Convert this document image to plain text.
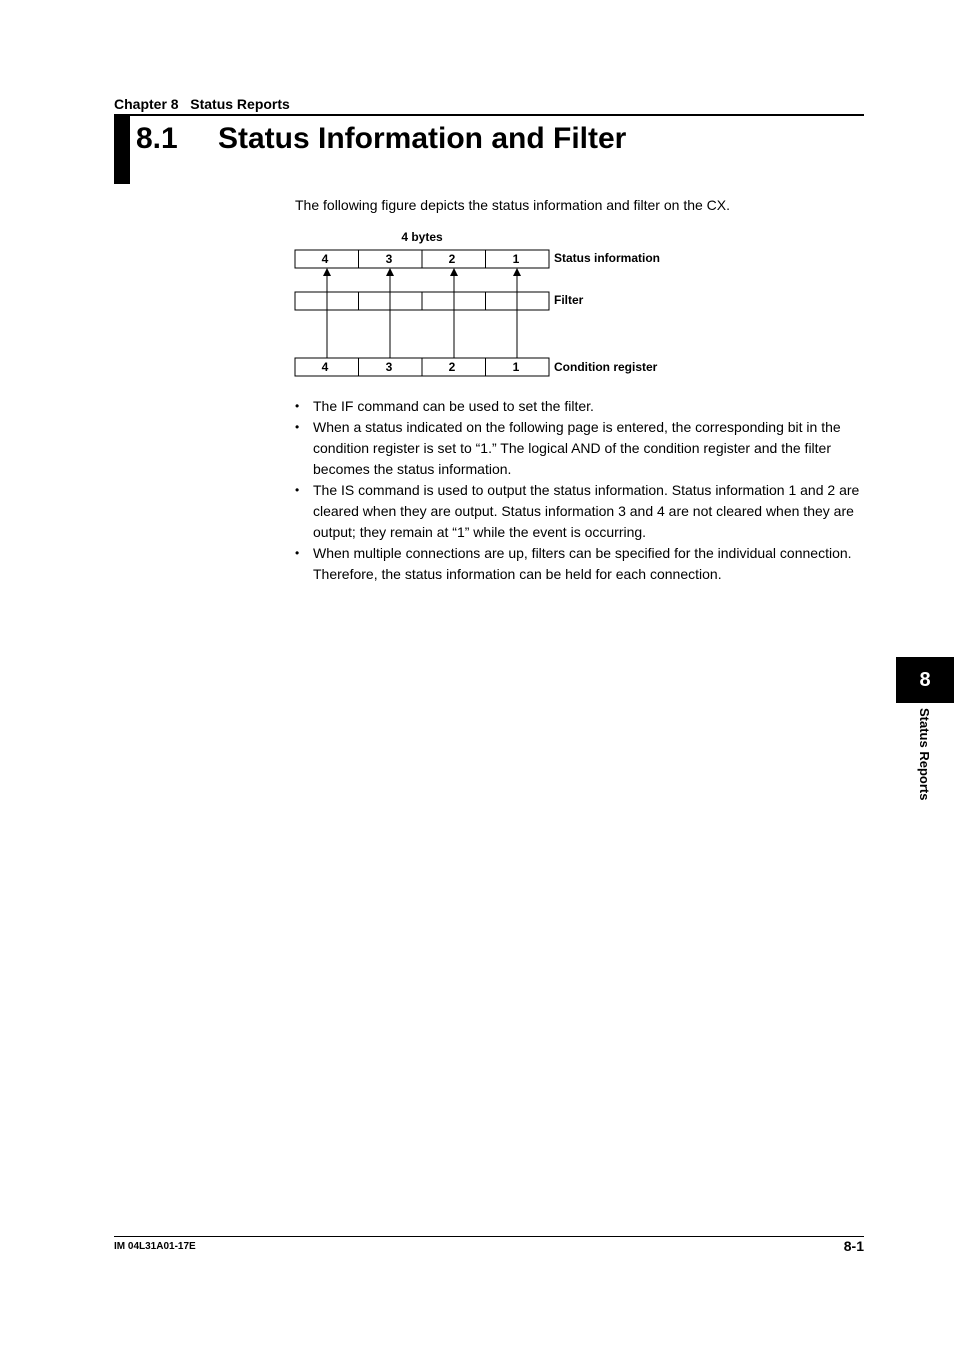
Chapter 8   Status Reports
8.1 Status Information and Filter
The following figure depicts the status information and filter on the CX.
4 bytes
4	3	2	1	Status information
Filter
4	3	2	1	Condition register
• The IF command can be used to set the filter.
• When a status indicated on the following page is entered, the corresponding bit in the condition register is set to “1.” The logical AND of the condition register and the filter becomes the status information.
• The IS command is used to output the status information. Status information 1 and 2 are cleared when they are output. Status information 3 and 4 are not cleared when they are output; they remain at “1” while the event is occurring.
• When multiple connections are up, filters can be specified for the individual connection. Therefore, the status information can be held for each connection.
8
Status Reports
IM 04L31A01-17E	8-1
